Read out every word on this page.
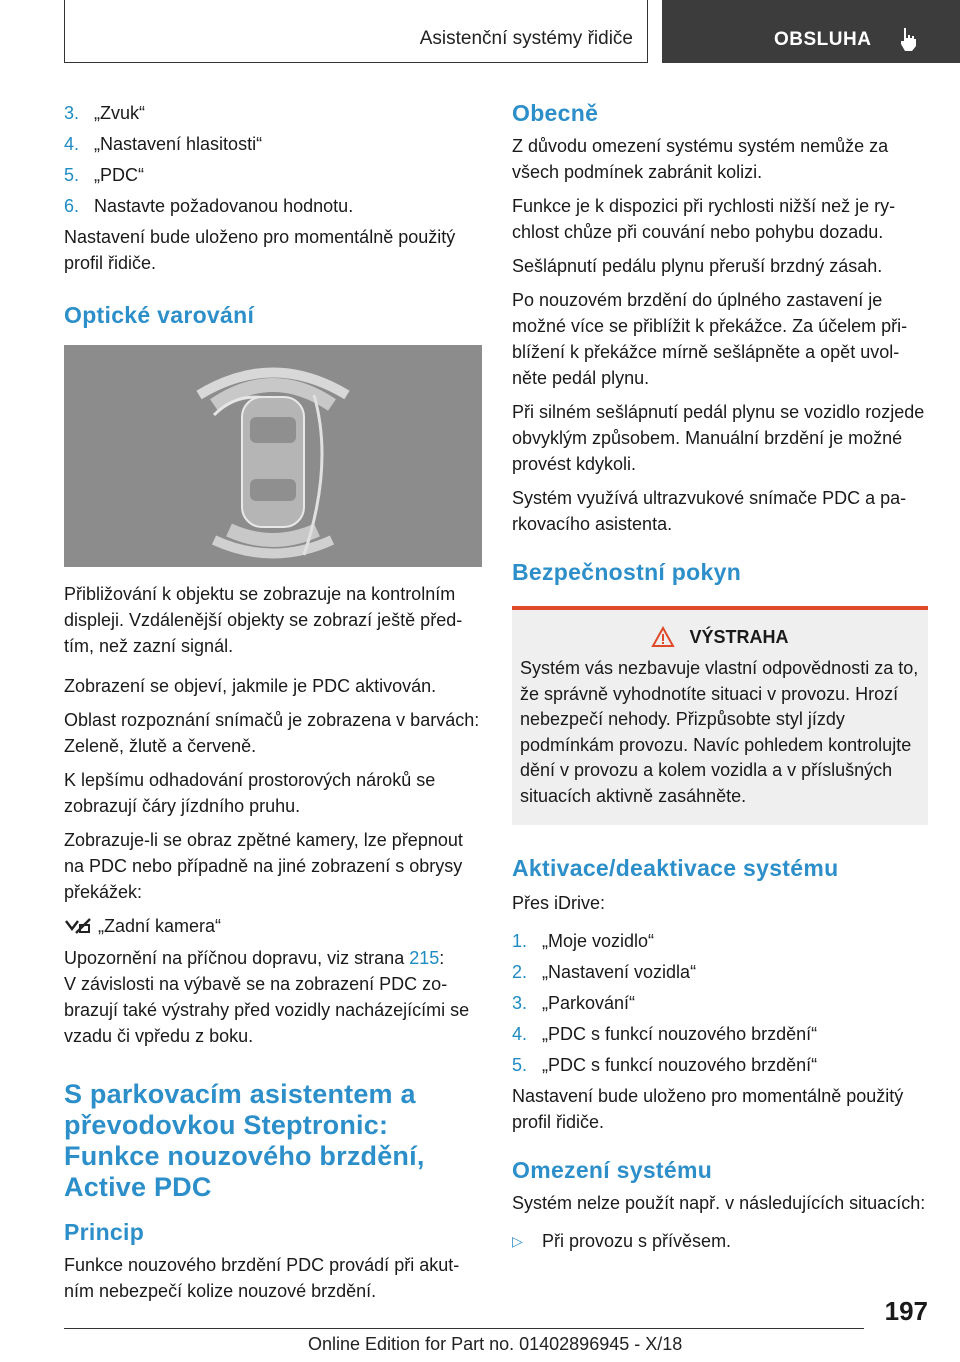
Asistenční systémy řidiče	OBSLUHA
3. „Zvuk“
4. „Nastavení hlasitosti“
5. „PDC“
6. Nastavte požadovanou hodnotu.

Nastavení bude uloženo pro momentálně použitý profil řidiče.

Optické varování

Přibližování k objektu se zobrazuje na kontrolním displeji. Vzdálenější objekty se zobrazí ještě předtím, než zazní signál.

Zobrazení se objeví, jakmile je PDC aktivován.

Oblast rozpoznání snímačů je zobrazena v barvách: Zeleně, žlutě a červeně.

K lepšímu odhadování prostorových nároků se zobrazují čáry jízdního pruhu.

Zobrazuje-li se obraz zpětné kamery, lze přepnout na PDC nebo případně na jiné zobrazení s obrysy překážek:

„Zadní kamera“

Upozornění na příčnou dopravu, viz strana 215:

V závislosti na výbavě se na zobrazení PDC zobrazují také výstrahy před vozidly nacházejícími se vzadu či vpředu z boku.

S parkovacím asistentem a převodovkou Steptronic: Funkce nouzového brzdění, Active PDC
Princip

Funkce nouzového brzdění PDC provádí při akutním nebezpečí kolize nouzové brzdění.

Obecně

Z důvodu omezení systému systém nemůže za všech podmínek zabránit kolizi.

Funkce je k dispozici při rychlosti nižší než je rychlost chůze při couvání nebo pohybu dozadu.

Sešlápnutí pedálu plynu přeruší brzdný zásah.

Po nouzovém brzdění do úplného zastavení je možné více se přiblížit k překážce. Za účelem přiblížení k překážce mírně sešlápněte a opět uvolněte pedál plynu.

Při silném sešlápnutí pedál plynu se vozidlo rozjede obvyklým způsobem. Manuální brzdění je možné provést kdykoli.

Systém využívá ultrazvukové snímače PDC a parkovacího asistenta.

Bezpečnostní pokyn
VÝSTRAHA

Systém vás nezbavuje vlastní odpovědnosti za to, že správně vyhodnotíte situaci v provozu. Hrozí nebezpečí nehody. Přizpůsobte styl jízdy podmínkám provozu. Navíc pohledem kontrolujte dění v provozu a kolem vozidla a v příslušných situacích aktivně zasáhněte.

Aktivace/deaktivace systému

Přes iDrive:

1. „Moje vozidlo“
2. „Nastavení vozidla“
3. „Parkování“
4. „PDC s funkcí nouzového brzdění“
5. „PDC s funkcí nouzového brzdění“

Nastavení bude uloženo pro momentálně použitý profil řidiče.

Omezení systému

Systém nelze použít např. v následujících situacích:

▷	Při provozu s přívěsem.
197
Online Edition for Part no. 01402896945 - X/18
